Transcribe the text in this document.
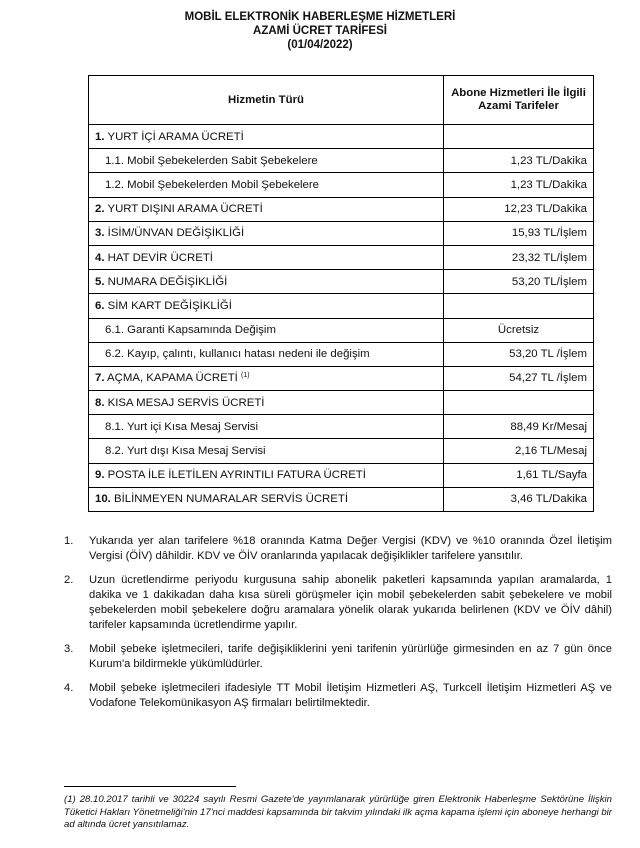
MOBİL ELEKTRONİK HABERLEŞME HİZMETLERİ
AZAMİ ÜCRET TARİFESİ
(01/04/2022)
Hizmetin Türü	Abone Hizmetleri İle İlgili Azami Tarifeler
1. YURT İÇİ ARAMA ÜCRETİ	
1.1. Mobil Şebekelerden Sabit Şebekelere	1,23 TL/Dakika
1.2. Mobil Şebekelerden Mobil Şebekelere	1,23 TL/Dakika
2. YURT DIŞINI ARAMA ÜCRETİ	12,23 TL/Dakika
3. İSİM/ÜNVAN DEĞİŞİKLİĞİ	15,93 TL/İşlem
4. HAT DEVİR ÜCRETİ	23,32 TL/İşlem
5. NUMARA DEĞİŞİKLİĞİ	53,20 TL/İşlem
6. SİM KART DEĞİŞİKLİĞİ	
6.1. Garanti Kapsamında Değişim	Ücretsiz
6.2. Kayıp, çalıntı, kullanıcı hatası nedeni ile değişim	53,20 TL /İşlem
7. AÇMA, KAPAMA ÜCRETİ $^{(1)}$	54,27 TL /İşlem
8. KISA MESAJ SERVİS ÜCRETİ	
8.1. Yurt içi Kısa Mesaj Servisi	88,49 Kr/Mesaj
8.2. Yurt dışı Kısa Mesaj Servisi	2,16 TL/Mesaj
9. POSTA İLE İLETİLEN AYRINTILI FATURA ÜCRETİ	1,61 TL/Sayfa
10. BİLİNMEYEN NUMARALAR SERVİS ÜCRETİ	3,46 TL/Dakika
1. Yukarıda yer alan tarifelere %18 oranında Katma Değer Vergisi (KDV) ve %10 oranında Özel İletişim Vergisi (ÖİV) dâhildir. KDV ve ÖİV oranlarında yapılacak değişiklikler tarifelere yansıtılır.
2. Uzun ücretlendirme periyodu kurgusuna sahip abonelik paketleri kapsamında yapılan aramalarda, 1 dakika ve 1 dakikadan daha kısa süreli görüşmeler için mobil şebekelerden sabit şebekelere ve mobil şebekelerden mobil şebekelere doğru aramalara yönelik olarak yukarıda belirlenen (KDV ve ÖİV dâhil) tarifeler kapsamında ücretlendirme yapılır.
3. Mobil şebeke işletmecileri, tarife değişikliklerini yeni tarifenin yürürlüğe girmesinden en az 7 gün önce Kurum'a bildirmekle yükümlüdürler.
4. Mobil şebeke işletmecileri ifadesiyle TT Mobil İletişim Hizmetleri AŞ, Turkcell İletişim Hizmetleri AŞ ve Vodafone Telekomünikasyon AŞ firmaları belirtilmektedir.
(1) 28.10.2017 tarihli ve 30224 sayılı Resmi Gazete'de yayımlanarak yürürlüğe giren Elektronik Haberleşme Sektörüne İlişkin Tüketici Hakları Yönetmeliği'nin 17'nci maddesi kapsamında bir takvim yılındaki ilk açma kapama işlemi için aboneye herhangi bir ad altında ücret yansıtılamaz.
